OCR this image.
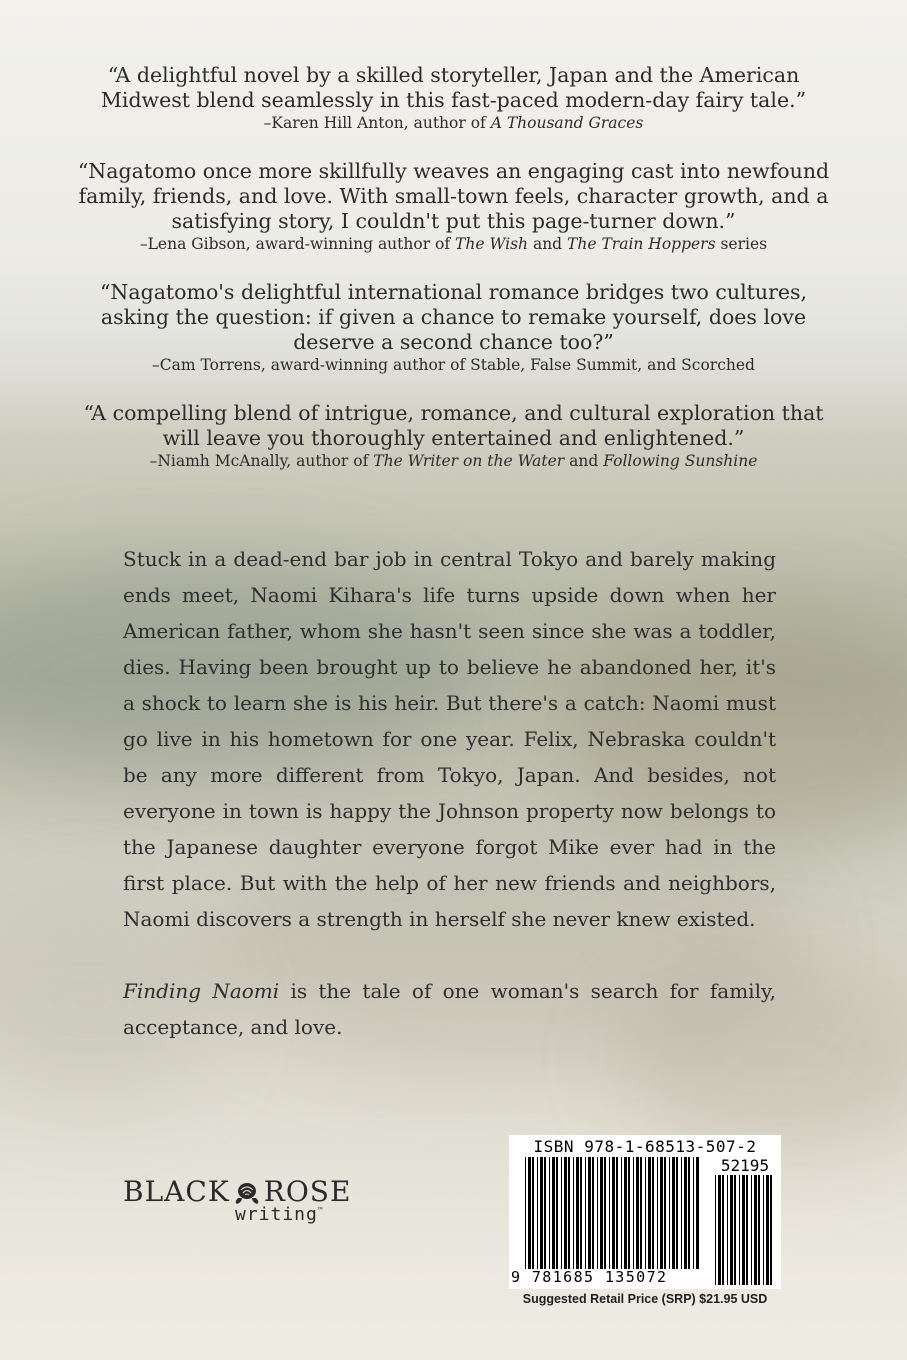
“A delightful novel by a skilled storyteller, Japan and the American
Midwest blend seamlessly in this fast-paced modern-day fairy tale.”
–Karen Hill Anton, author of A Thousand Graces
“Nagatomo once more skillfully weaves an engaging cast into newfound
family, friends, and love. With small-town feels, character growth, and a
satisfying story, I couldn't put this page-turner down.”
–Lena Gibson, award-winning author of The Wish and The Train Hoppers series
“Nagatomo's delightful international romance bridges two cultures,
asking the question: if given a chance to remake yourself, does love
deserve a second chance too?”
–Cam Torrens, award-winning author of Stable, False Summit, and Scorched
“A compelling blend of intrigue, romance, and cultural exploration that
will leave you thoroughly entertained and enlightened.”
–Niamh McAnally, author of The Writer on the Water and Following Sunshine

Stuck in a dead-end bar job in central Tokyo and barely making ends meet, Naomi Kihara's life turns upside down when her American father, whom she hasn't seen since she was a toddler, dies. Having been brought up to believe he abandoned her, it's a shock to learn she is his heir. But there's a catch: Naomi must go live in his hometown for one year. Felix, Nebraska couldn't be any more different from Tokyo, Japan. And besides, not everyone in town is happy the Johnson property now belongs to the Japanese daughter everyone forgot Mike ever had in the first place. But with the help of her new friends and neighbors, Naomi discovers a strength in herself she never knew existed.

Finding Naomi is the tale of one woman's search for family, acceptance, and love.

BLACK ROSE
writing™
ISBN 978-1-68513-507-2
52195
9 781685 135072
Suggested Retail Price (SRP) $21.95 USD
